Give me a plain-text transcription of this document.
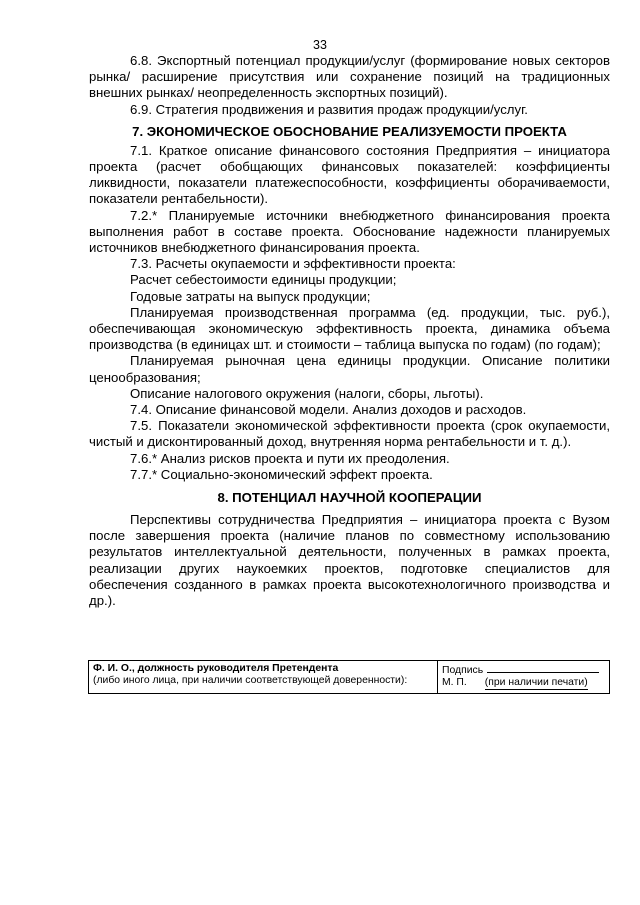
33

6.8. Экспортный потенциал продукции/услуг (формирование новых секторов рынка/ расширение присутствия или сохранение позиций на традиционных внешних рынках/ неопределенность экспортных позиций).

6.9. Стратегия продвижения и развития продаж продукции/услуг.

7. ЭКОНОМИЧЕСКОЕ ОБОСНОВАНИЕ РЕАЛИЗУЕМОСТИ ПРОЕКТА

7.1. Краткое описание финансового состояния Предприятия – инициатора проекта (расчет обобщающих финансовых показателей: коэффициенты ликвидности, показатели платежеспособности, коэффициенты оборачиваемости, показатели рентабельности).

7.2.* Планируемые источники внебюджетного финансирования проекта выполнения работ в составе проекта. Обоснование надежности планируемых источников внебюджетного финансирования проекта.

7.3. Расчеты окупаемости и эффективности проекта:

Расчет себестоимости единицы продукции;

Годовые затраты на выпуск продукции;

Планируемая производственная программа (ед. продукции, тыс. руб.), обеспечивающая экономическую эффективность проекта, динамика объема производства (в единицах шт. и стоимости – таблица выпуска по годам) (по годам);

Планируемая рыночная цена единицы продукции. Описание политики ценообразования;

Описание налогового окружения (налоги, сборы, льготы).

7.4. Описание финансовой модели. Анализ доходов и расходов.

7.5. Показатели экономической эффективности проекта (срок окупаемости, чистый и дисконтированный доход, внутренняя норма рентабельности и т. д.).

7.6.* Анализ рисков проекта и пути их преодоления.

7.7.* Социально-экономический эффект проекта.

8. ПОТЕНЦИАЛ НАУЧНОЙ КООПЕРАЦИИ

Перспективы сотрудничества Предприятия – инициатора проекта с Вузом после завершения проекта (наличие планов по совместному использованию результатов интеллектуальной деятельности, полученных в рамках проекта, реализации других наукоемких проектов, подготовке специалистов для обеспечения созданного в рамках проекта высокотехнологичного производства и др.).

Ф. И. О., должность руководителя Претендента
(либо иного лица, при наличии соответствующей доверенности):

Подпись
М. П. (при наличии печати)
